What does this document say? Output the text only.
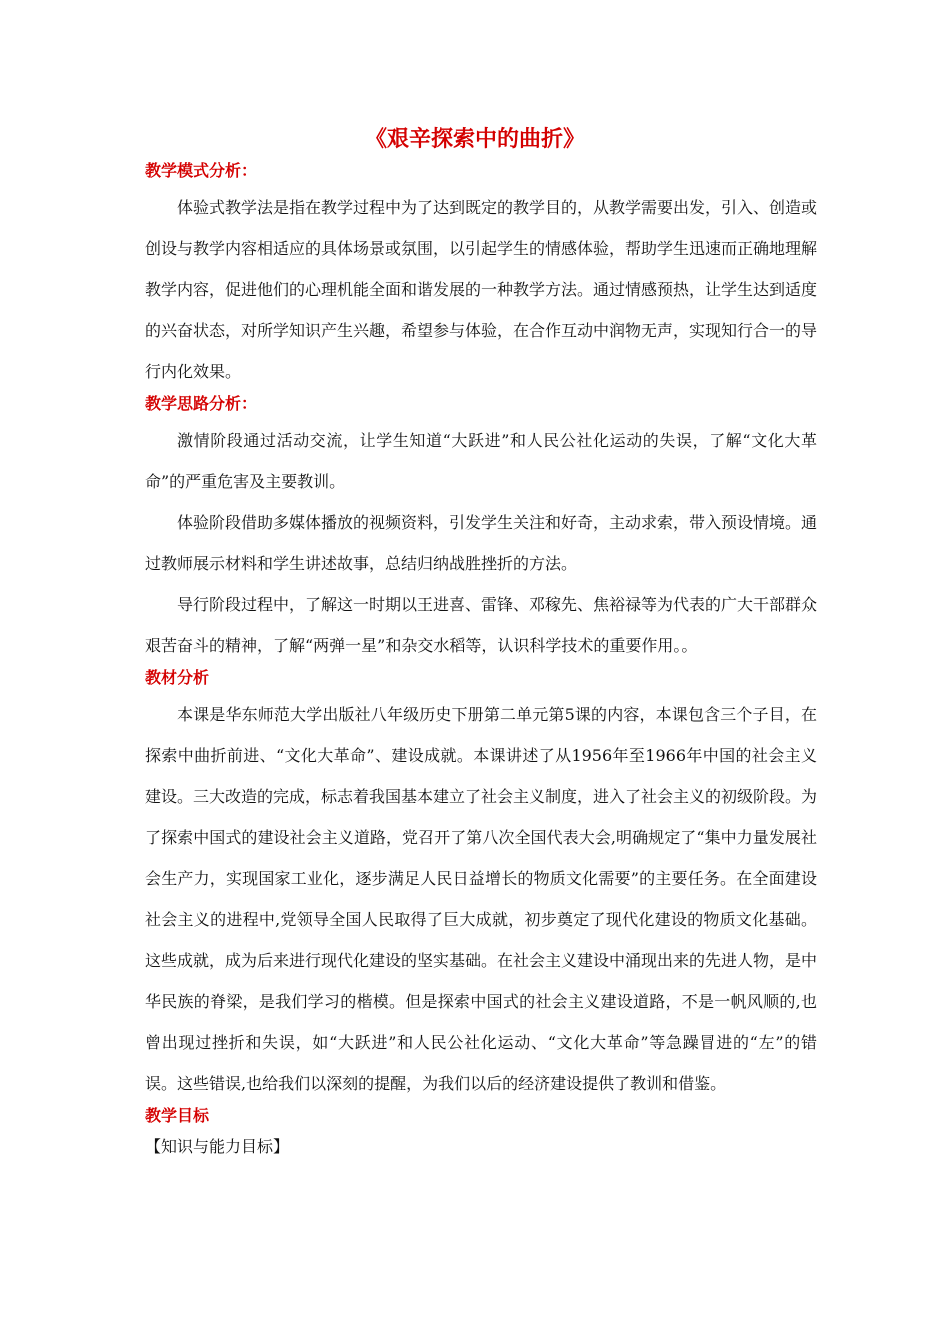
《艰辛探索中的曲折》

教学模式分析：

体验式教学法是指在教学过程中为了达到既定的教学目的，从教学需要出发，引入、创造或创设与教学内容相适应的具体场景或氛围，以引起学生的情感体验，帮助学生迅速而正确地理解教学内容，促进他们的心理机能全面和谐发展的一种教学方法。通过情感预热，让学生达到适度的兴奋状态，对所学知识产生兴趣，希望参与体验，在合作互动中润物无声，实现知行合一的导行内化效果。

教学思路分析：

激情阶段通过活动交流，让学生知道“大跃进”和人民公社化运动的失误，了解“文化大革命”的严重危害及主要教训。

体验阶段借助多媒体播放的视频资料，引发学生关注和好奇，主动求索，带入预设情境。通过教师展示材料和学生讲述故事，总结归纳战胜挫折的方法。

导行阶段过程中，了解这一时期以王进喜、雷锋、邓稼先、焦裕禄等为代表的广大干部群众艰苦奋斗的精神，了解“两弹一星”和杂交水稻等，认识科学技术的重要作用。。

教材分析

本课是华东师范大学出版社八年级历史下册第二单元第5课的内容，本课包含三个子目，在探索中曲折前进、“文化大革命”、建设成就。本课讲述了从1956年至1966年中国的社会主义建设。三大改造的完成，标志着我国基本建立了社会主义制度，进入了社会主义的初级阶段。为了探索中国式的建设社会主义道路，党召开了第八次全国代表大会,明确规定了“集中力量发展社会生产力，实现国家工业化，逐步满足人民日益增长的物质文化需要”的主要任务。在全面建设社会主义的进程中,党领导全国人民取得了巨大成就，初步奠定了现代化建设的物质文化基础。这些成就，成为后来进行现代化建设的坚实基础。在社会主义建设中涌现出来的先进人物，是中华民族的脊梁，是我们学习的楷模。但是探索中国式的社会主义建设道路，不是一帆风顺的,也曾出现过挫折和失误，如“大跃进”和人民公社化运动、“文化大革命”等急躁冒进的“左”的错误。这些错误,也给我们以深刻的提醒，为我们以后的经济建设提供了教训和借鉴。

教学目标

【知识与能力目标】
